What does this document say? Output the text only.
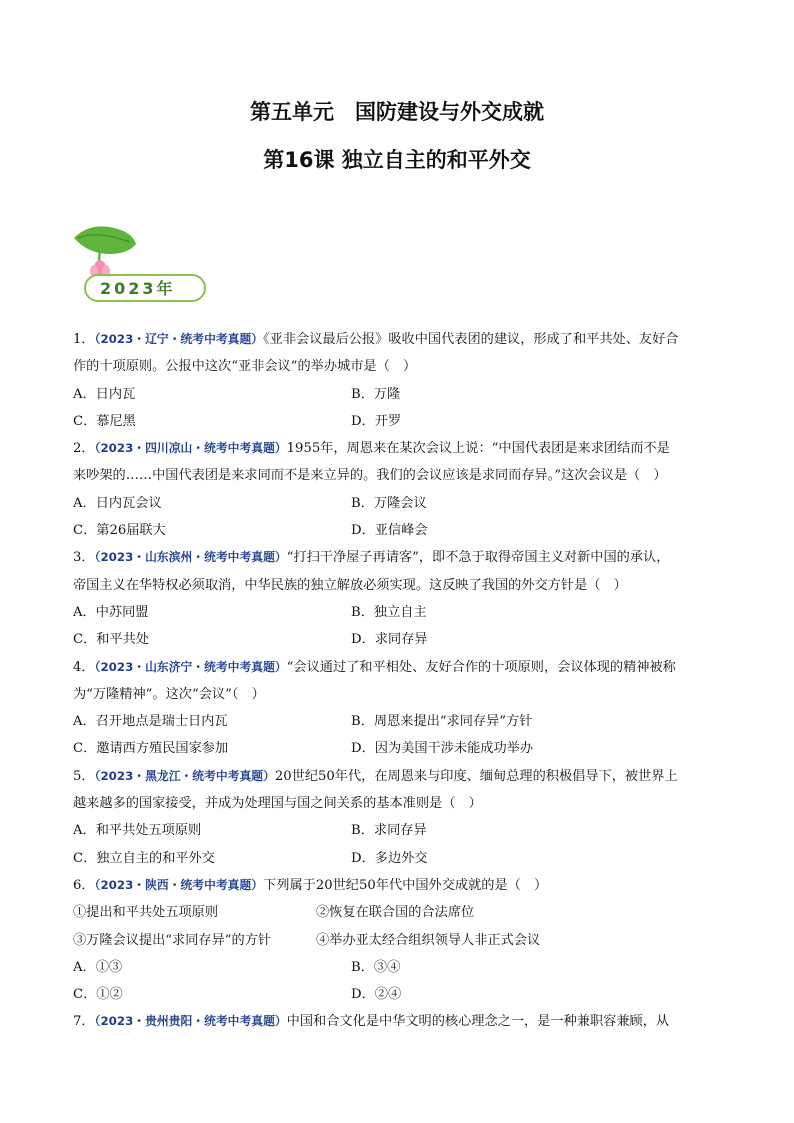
第五单元　国防建设与外交成就
第16课 独立自主的和平外交
2023年
1．（2023・辽宁・统考中考真题）《亚非会议最后公报》吸收中国代表团的建议，形成了和平共处、友好合
作的十项原则。公报中这次“亚非会议”的举办城市是（　）
A．日内瓦	B．万隆
C．慕尼黑	D．开罗
2．（2023・四川凉山・统考中考真题）1955年，周恩来在某次会议上说：“中国代表团是来求团结而不是
来吵架的……中国代表团是来求同而不是来立异的。我们的会议应该是求同而存异。”这次会议是（　）
A．日内瓦会议	B．万隆会议
C．第26届联大	D．亚信峰会
3．（2023・山东滨州・统考中考真题）“打扫干净屋子再请客”，即不急于取得帝国主义对新中国的承认，
帝国主义在华特权必须取消，中华民族的独立解放必须实现。这反映了我国的外交方针是（　）
A．中苏同盟	B．独立自主
C．和平共处	D．求同存异
4．（2023・山东济宁・统考中考真题）“会议通过了和平相处、友好合作的十项原则，会议体现的精神被称
为“万隆精神”。这次“会议”（　）
A．召开地点是瑞士日内瓦	B．周恩来提出“求同存异”方针
C．邀请西方殖民国家参加	D．因为美国干涉未能成功举办
5．（2023・黑龙江・统考中考真题）20世纪50年代，在周恩来与印度、缅甸总理的积极倡导下，被世界上
越来越多的国家接受，并成为处理国与国之间关系的基本准则是（　）
A．和平共处五项原则	B．求同存异
C．独立自主的和平外交	D．多边外交
6．（2023・陕西・统考中考真题）下列属于20世纪50年代中国外交成就的是（　）
①提出和平共处五项原则	②恢复在联合国的合法席位
③万隆会议提出“求同存异”的方针	④举办亚太经合组织领导人非正式会议
A．①③	B．③④
C．①②	D．②④
7．（2023・贵州贵阳・统考中考真题）中国和合文化是中华文明的核心理念之一，是一种兼职容兼顾，从
